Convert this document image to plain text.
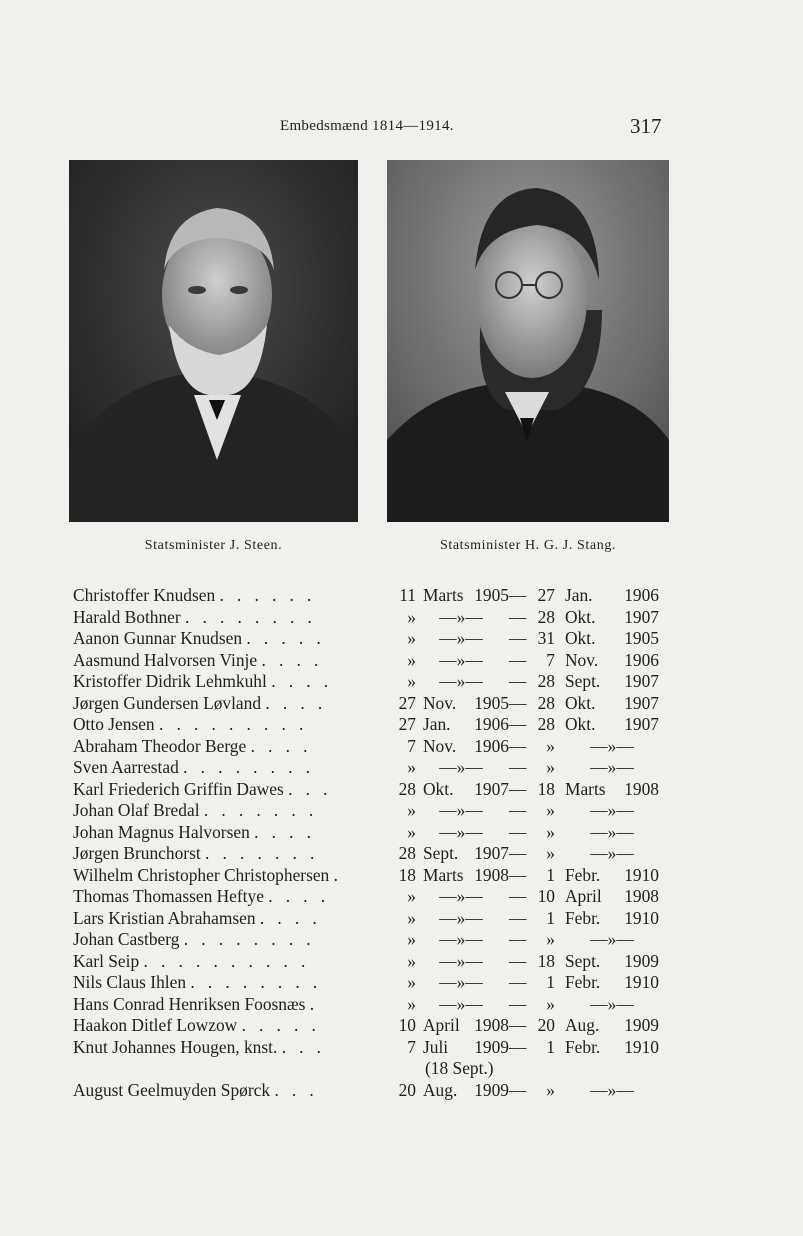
Embedsmænd 1814—1914.	317
Statsminister J. Steen.	Statsminister H. G. J. Stang.
Christoffer Knudsen . . . . . .	11 Marts 1905 — 27 Jan.	1906
Harald Bothner . . . . . . . .	»	—»—	— 28 Okt.	1907
Aanon Gunnar Knudsen . . . . .	»	—»—	— 31 Okt.	1905
Aasmund Halvorsen Vinje . . . .	»	—»—	—	7 Nov.	1906
Kristoffer Didrik Lehmkuhl . . . .	»	—»—	— 28 Sept.	1907
Jørgen Gundersen Løvland . . . .	27 Nov.	1905 — 28 Okt.	1907
Otto Jensen . . . . . . . . .	27 Jan.	1906 — 28 Okt.	1907
Abraham Theodor Berge . . . .	7 Nov.	1906 —	»	—»—
Sven Aarrestad . . . . . . . .	»	—»—	—	»	—»—
Karl Friederich Griffin Dawes . . .	28 Okt.	1907 — 18 Marts	1908
Johan Olaf Bredal . . . . . . .	»	—»—	—	»	—»—
Johan Magnus Halvorsen . . . .	»	—»—	—	»	—»—
Jørgen Brunchorst . . . . . . .	28 Sept. 1907 —	»	—»—
Wilhelm Christopher Christophersen .	18 Marts 1908 —	1 Febr.	1910
Thomas Thomassen Heftye . . . .	»	—»—	— 10 April	1908
Lars Kristian Abrahamsen . . . .	»	—»—	—	1 Febr.	1910
Johan Castberg . . . . . . . .	»	—»—	—	»	—»—
Karl Seip . . . . . . . . . .	»	—»—	— 18 Sept.	1909
Nils Claus Ihlen . . . . . . . .	»	—»—	—	1 Febr.	1910
Hans Conrad Henriksen Foosnæs .	»	—»—	—	»	—»—
Haakon Ditlef Lowzow . . . . .	10 April 1908 — 20 Aug.	1909
Knut Johannes Hougen, knst. . . .	7 Juli	1909 —	1 Febr.	1910
(18 Sept.)
August Geelmuyden Spørck . . .	20 Aug. 1909 —	»	—»—
